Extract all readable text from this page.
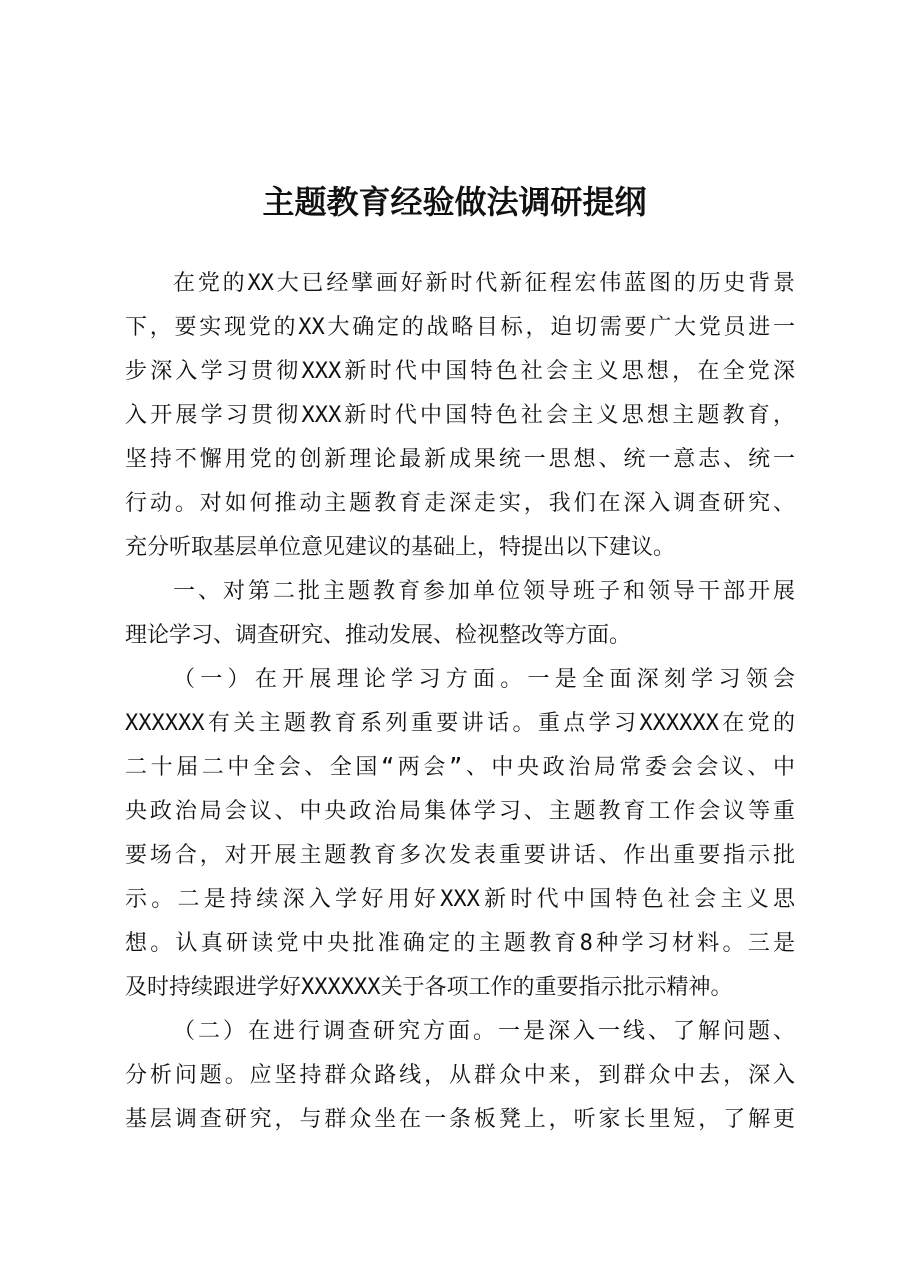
主题教育经验做法调研提纲
在党的XX大已经擘画好新时代新征程宏伟蓝图的历史背景
下，要实现党的XX大确定的战略目标，迫切需要广大党员进一
步深入学习贯彻XXX新时代中国特色社会主义思想，在全党深
入开展学习贯彻XXX新时代中国特色社会主义思想主题教育，
坚持不懈用党的创新理论最新成果统一思想、统一意志、统一
行动。对如何推动主题教育走深走实，我们在深入调查研究、
充分听取基层单位意见建议的基础上，特提出以下建议。
一、对第二批主题教育参加单位领导班子和领导干部开展
理论学习、调查研究、推动发展、检视整改等方面。
（一）在开展理论学习方面。一是全面深刻学习领会
XXXXXX有关主题教育系列重要讲话。重点学习XXXXXX在党的
二十届二中全会、全国“两会”、中央政治局常委会会议、中
央政治局会议、中央政治局集体学习、主题教育工作会议等重
要场合，对开展主题教育多次发表重要讲话、作出重要指示批
示。二是持续深入学好用好XXX新时代中国特色社会主义思
想。认真研读党中央批准确定的主题教育8种学习材料。三是
及时持续跟进学好XXXXXX关于各项工作的重要指示批示精神。
（二）在进行调查研究方面。一是深入一线、了解问题、
分析问题。应坚持群众路线，从群众中来，到群众中去，深入
基层调查研究，与群众坐在一条板凳上，听家长里短，了解更
